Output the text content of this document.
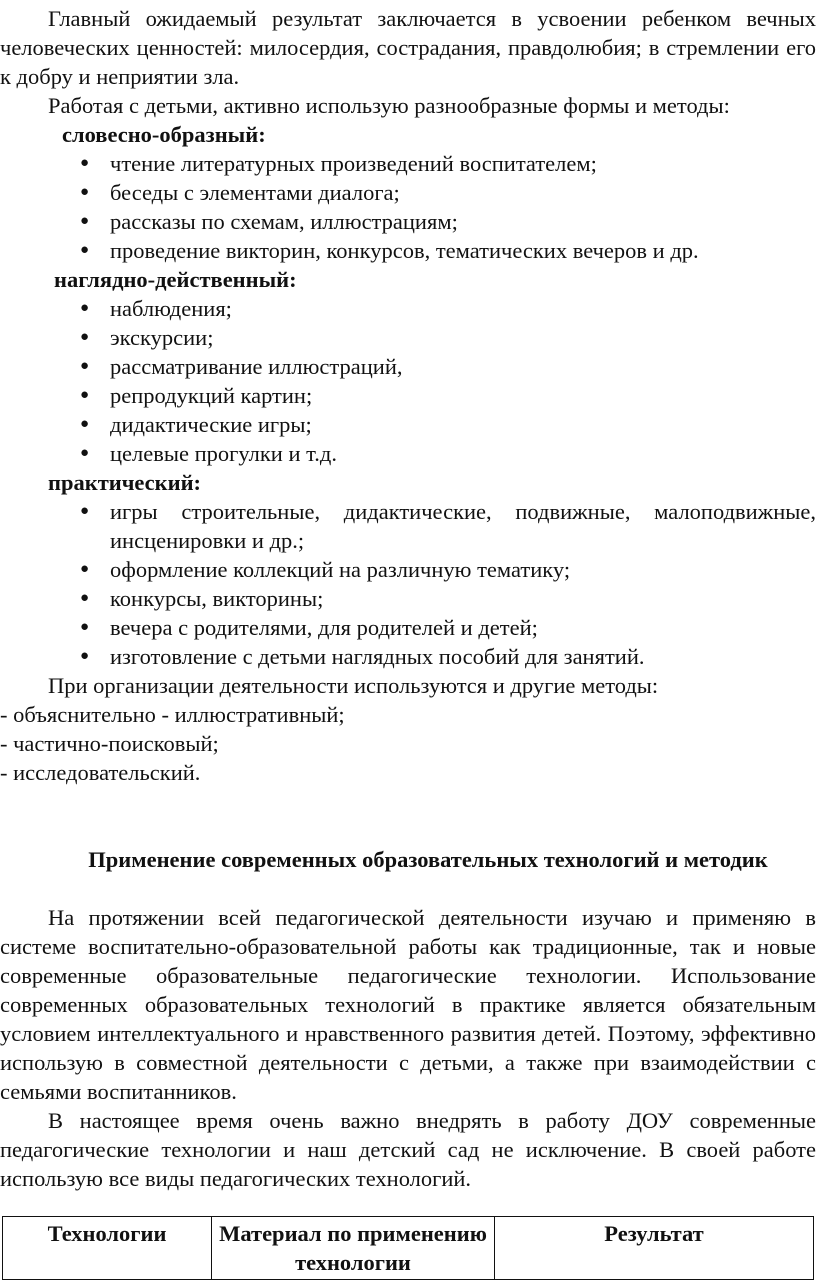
Главный ожидаемый результат заключается в усвоении ребенком вечных человеческих ценностей: милосердия, сострадания, правдолюбия; в стремлении его к добру и неприятии зла.

Работая с детьми, активно использую разнообразные формы и методы:

словесно-образный:

● чтение литературных произведений воспитателем;
● беседы с элементами диалога;
● рассказы по схемам, иллюстрациям;
● проведение викторин, конкурсов, тематических вечеров и др.

наглядно-действенный:

● наблюдения;
● экскурсии;
● рассматривание иллюстраций,
● репродукций картин;
● дидактические игры;
● целевые прогулки и т.д.

практический:

● игры строительные, дидактические, подвижные, малоподвижные, инсценировки и др.;
● оформление коллекций на различную тематику;
● конкурсы, викторины;
● вечера с родителями, для родителей и детей;
● изготовление с детьми наглядных пособий для занятий.

При организации деятельности используются и другие методы:

- объяснительно - иллюстративный;

- частично-поисковый;

- исследовательский.

Применение современных образовательных технологий и методик

На протяжении всей педагогической деятельности изучаю и применяю в системе воспитательно-образовательной работы как традиционные, так и новые современные образовательные педагогические технологии. Использование современных образовательных технологий в практике является обязательным условием интеллектуального и нравственного развития детей. Поэтому, эффективно использую в совместной деятельности с детьми, а также при взаимодействии с семьями воспитанников.

В настоящее время очень важно внедрять в работу ДОУ современные педагогические технологии и наш детский сад не исключение. В своей работе использую все виды педагогических технологий.

Технологии	Материал по применению технологии	Результат
